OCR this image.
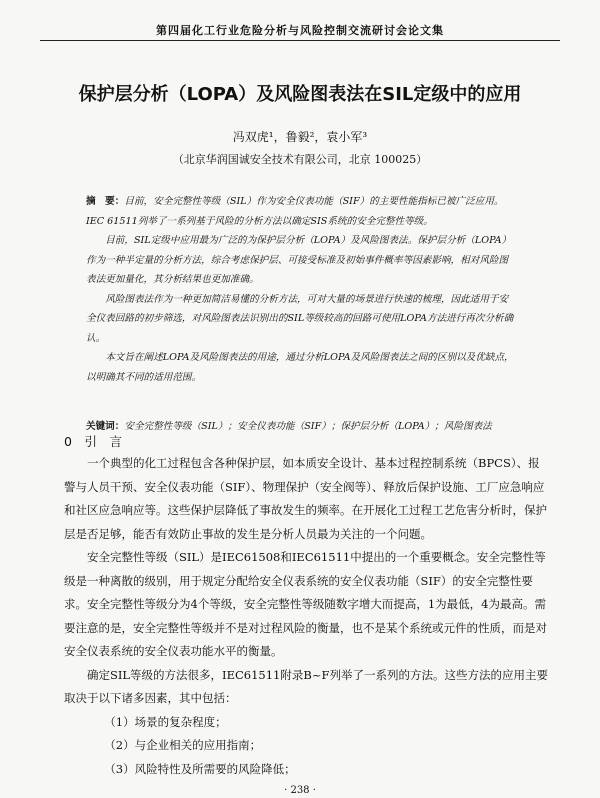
第四届化工行业危险分析与风险控制交流研讨会论文集
保护层分析（LOPA）及风险图表法在SIL定级中的应用
冯双虎¹，鲁毅²，袁小军³
（北京华润国诚安全技术有限公司，北京 100025）

摘　要：目前，安全完整性等级（SIL）作为安全仪表功能（SIF）的主要性能指标已被广泛应用。IEC 61511列举了一系列基于风险的分析方法以确定SIS系统的安全完整性等级。

目前，SIL定级中应用最为广泛的为保护层分析（LOPA）及风险图表法。保护层分析（LOPA）作为一种半定量的分析方法，综合考虑保护层、可接受标准及初始事件概率等因素影响，相对风险图表法更加量化，其分析结果也更加准确。

风险图表法作为一种更加简洁易懂的分析方法，可对大量的场景进行快速的梳理，因此适用于安全仪表回路的初步筛选，对风险图表法识别出的SIL等级较高的回路可使用LOPA方法进行再次分析确认。

本文旨在阐述LOPA及风险图表法的用途，通过分析LOPA及风险图表法之间的区别以及优缺点，以明确其不同的适用范围。

关键词：安全完整性等级（SIL）；安全仪表功能（SIF）；保护层分析（LOPA）；风险图表法
0　引　言

一个典型的化工过程包含各种保护层，如本质安全设计、基本过程控制系统（BPCS）、报警与人员干预、安全仪表功能（SIF）、物理保护（安全阀等）、释放后保护设施、工厂应急响应和社区应急响应等。这些保护层降低了事故发生的频率。在开展化工过程工艺危害分析时，保护层是否足够，能否有效防止事故的发生是分析人员最为关注的一个问题。

安全完整性等级（SIL）是IEC61508和IEC61511中提出的一个重要概念。安全完整性等级是一种离散的级别，用于规定分配给安全仪表系统的安全仪表功能（SIF）的安全完整性要求。安全完整性等级分为4个等级，安全完整性等级随数字增大而提高，1为最低，4为最高。需要注意的是，安全完整性等级并不是对过程风险的衡量，也不是某个系统或元件的性质，而是对安全仪表系统的安全仪表功能水平的衡量。

确定SIL等级的方法很多，IEC61511附录B~F列举了一系列的方法。这些方法的应用主要取决于以下诸多因素，其中包括：

（1）场景的复杂程度；

（2）与企业相关的应用指南；

（3）风险特性及所需要的风险降低；

· 238 ·
